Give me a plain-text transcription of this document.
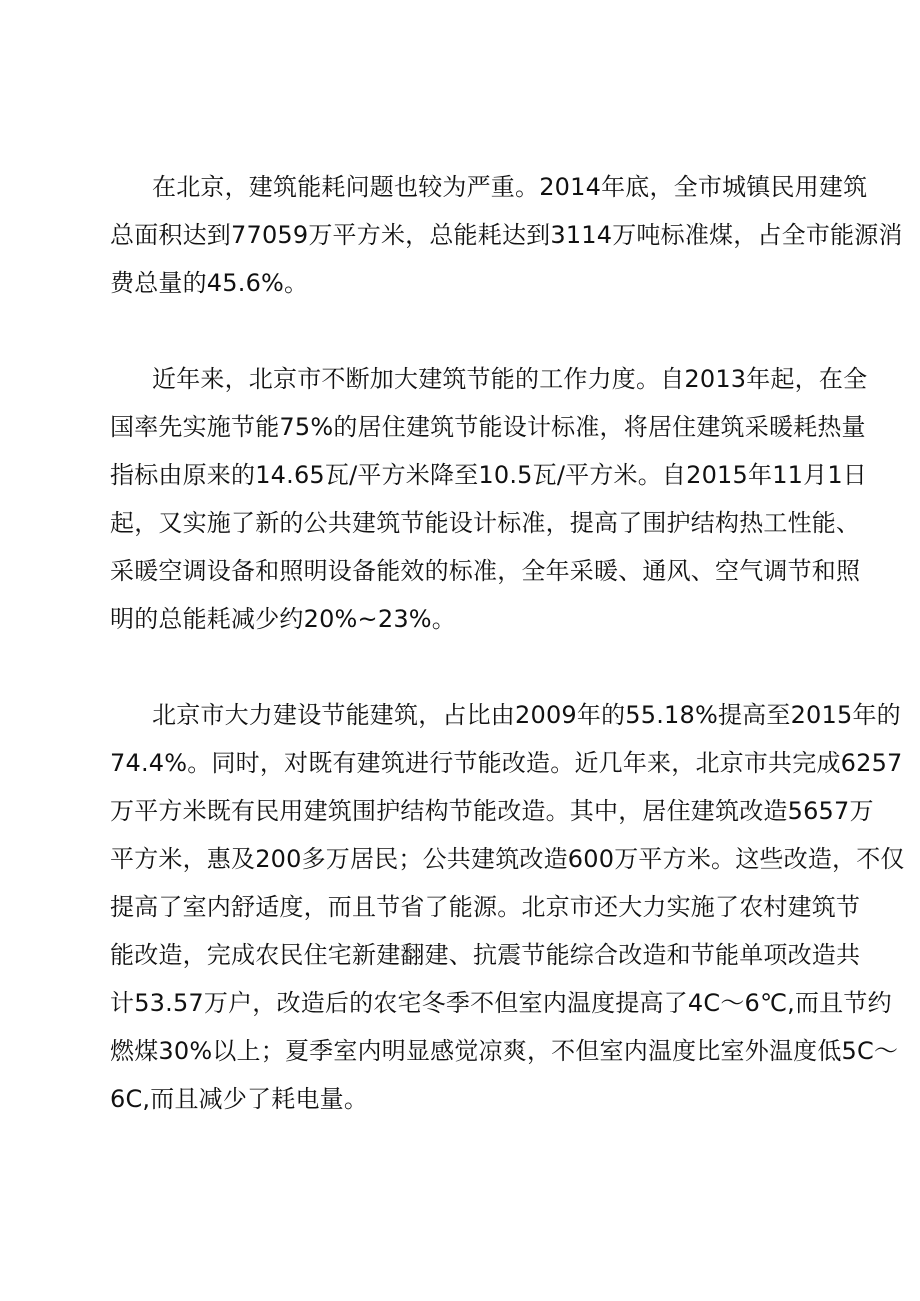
在北京，建筑能耗问题也较为严重。2014年底，全市城镇民用建筑
总面积达到77059万平方米，总能耗达到3114万吨标准煤，占全市能源消
费总量的45.6%。
近年来，北京市不断加大建筑节能的工作力度。自2013年起，在全
国率先实施节能75%的居住建筑节能设计标准，将居住建筑采暖耗热量
指标由原来的14.65瓦/平方米降至10.5瓦/平方米。自2015年11月1日
起，又实施了新的公共建筑节能设计标准，提高了围护结构热工性能、
采暖空调设备和照明设备能效的标准，全年采暖、通风、空气调节和照
明的总能耗减少约20%~23%。
北京市大力建设节能建筑，占比由2009年的55.18%提高至2015年的
74.4%。同时，对既有建筑进行节能改造。近几年来，北京市共完成6257
万平方米既有民用建筑围护结构节能改造。其中，居住建筑改造5657万
平方米，惠及200多万居民；公共建筑改造600万平方米。这些改造，不仅
提高了室内舒适度，而且节省了能源。北京市还大力实施了农村建筑节
能改造，完成农民住宅新建翻建、抗震节能综合改造和节能单项改造共
计53.57万户，改造后的农宅冬季不但室内温度提高了4C〜6℃,而且节约
燃煤30%以上；夏季室内明显感觉凉爽，不但室内温度比室外温度低5C〜
6C,而且减少了耗电量。
